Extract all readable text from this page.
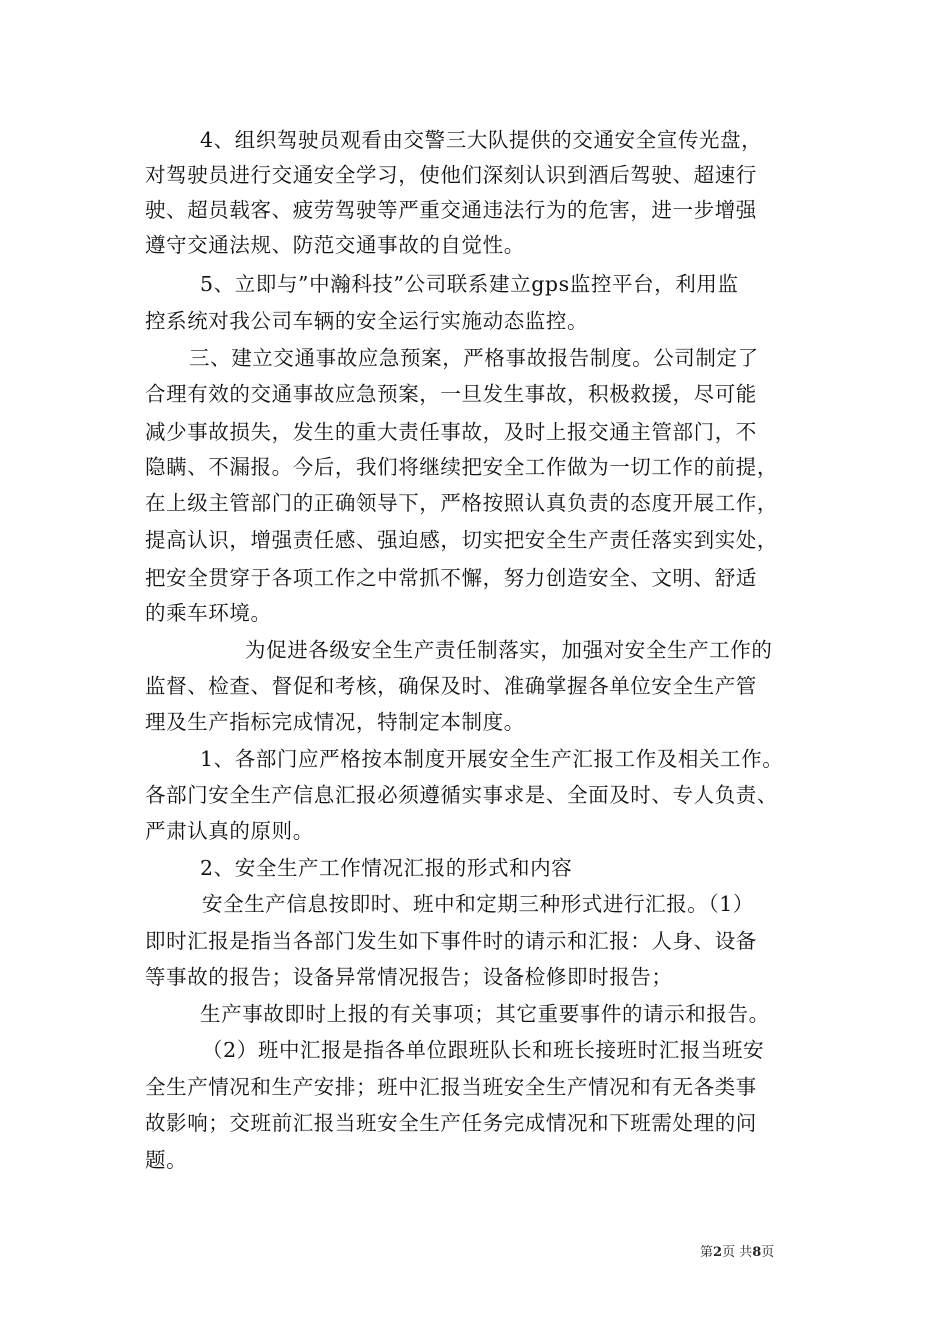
4、组织驾驶员观看由交警三大队提供的交通安全宣传光盘，
对驾驶员进行交通安全学习，使他们深刻认识到酒后驾驶、超速行
驶、超员载客、疲劳驾驶等严重交通违法行为的危害，进一步增强
遵守交通法规、防范交通事故的自觉性。
5、立即与”中瀚科技”公司联系建立gps监控平台，利用监
控系统对我公司车辆的安全运行实施动态监控。
三、建立交通事故应急预案，严格事故报告制度。公司制定了
合理有效的交通事故应急预案，一旦发生事故，积极救援，尽可能
减少事故损失，发生的重大责任事故，及时上报交通主管部门，不
隐瞒、不漏报。今后，我们将继续把安全工作做为一切工作的前提，
在上级主管部门的正确领导下，严格按照认真负责的态度开展工作，
提高认识，增强责任感、强迫感，切实把安全生产责任落实到实处，
把安全贯穿于各项工作之中常抓不懈，努力创造安全、文明、舒适
的乘车环境。
为促进各级安全生产责任制落实，加强对安全生产工作的
监督、检查、督促和考核，确保及时、准确掌握各单位安全生产管
理及生产指标完成情况，特制定本制度。
1、各部门应严格按本制度开展安全生产汇报工作及相关工作。
各部门安全生产信息汇报必须遵循实事求是、全面及时、专人负责、
严肃认真的原则。
2、安全生产工作情况汇报的形式和内容
安全生产信息按即时、班中和定期三种形式进行汇报。（1）
即时汇报是指当各部门发生如下事件时的请示和汇报：人身、设备
等事故的报告；设备异常情况报告；设备检修即时报告；
生产事故即时上报的有关事项；其它重要事件的请示和报告。
（2）班中汇报是指各单位跟班队长和班长接班时汇报当班安
全生产情况和生产安排；班中汇报当班安全生产情况和有无各类事
故影响；交班前汇报当班安全生产任务完成情况和下班需处理的问
题。
第2页 共8页
